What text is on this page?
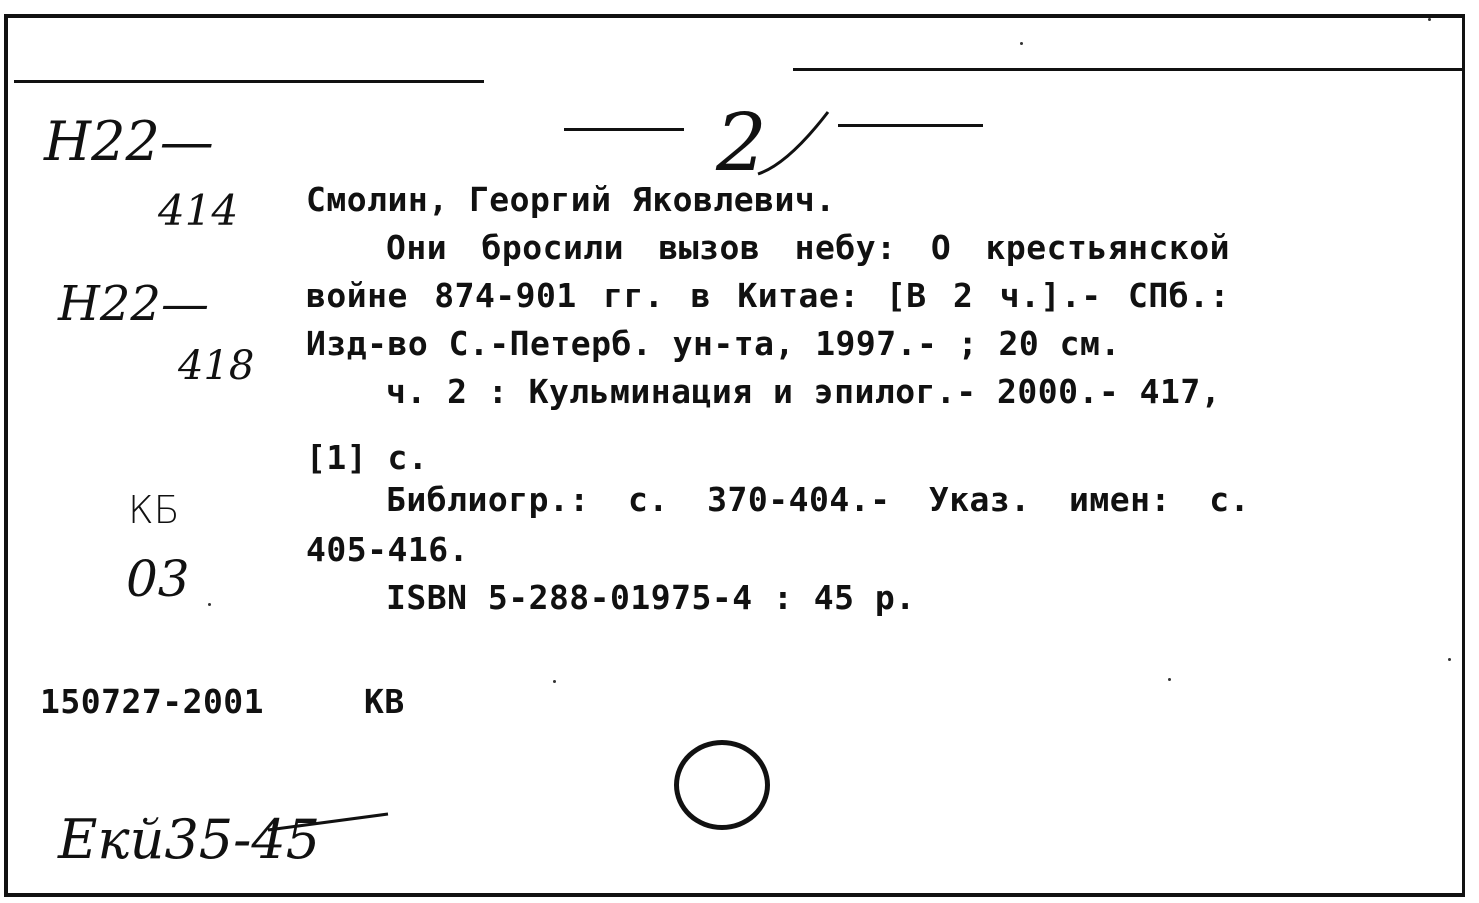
Н22—
414
Н22—
418
КБ
03
2
Смолин, Георгий Яковлевич.
Они бросили вызов небу: О крестьянской
войне 874-901 гг. в Китае: [В 2 ч.].- СПб.:
Изд-во С.-Петерб. ун-та, 1997.- ; 20 см.
ч. 2 : Кульминация и эпилог.- 2000.- 417,
[1] с.
Библиогр.: с. 370-404.- Указ. имен: с.
405-416.
ISBN 5-288-01975-4 : 45 р.
150727-2001	КВ
Екй35-45
